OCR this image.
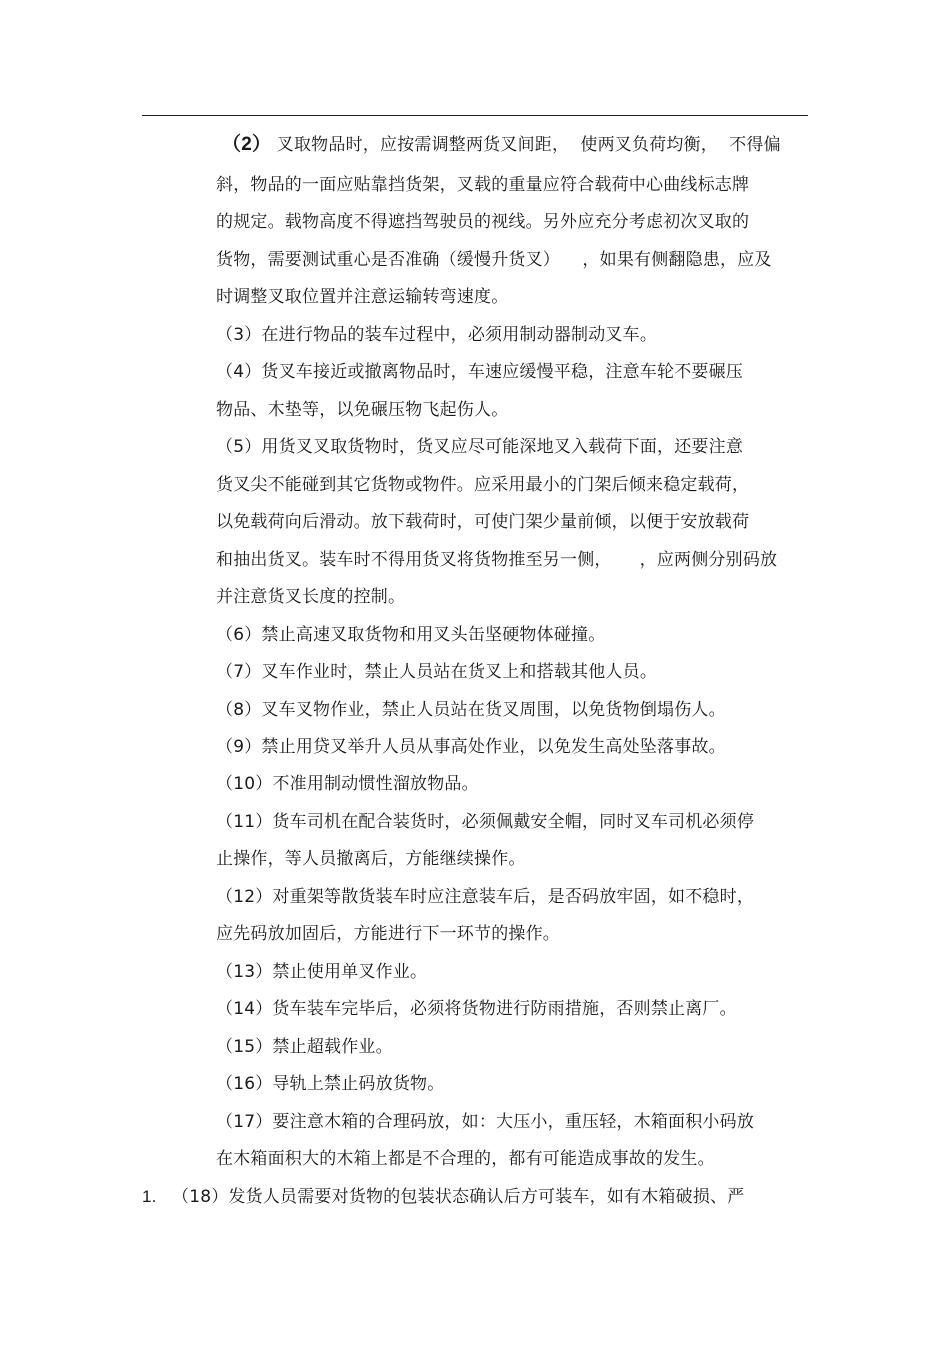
（2） 叉取物品时，应按需调整两货叉间距，  使两叉负荷均衡，  不得偏
斜，物品的一面应贴靠挡货架，叉载的重量应符合载荷中心曲线标志牌
的规定。载物高度不得遮挡驾驶员的视线。另外应充分考虑初次叉取的
货物，需要测试重心是否准确（缓慢升货叉）    ，如果有侧翻隐患，应及
时调整叉取位置并注意运输转弯速度。
（3）在进行物品的装车过程中，必须用制动器制动叉车。
（4）货叉车接近或撤离物品时，车速应缓慢平稳，注意车轮不要碾压
物品、木垫等，以免碾压物飞起伤人。
（5）用货叉叉取货物时，货叉应尽可能深地叉入载荷下面，还要注意
货叉尖不能碰到其它货物或物件。应采用最小的门架后倾来稳定载荷，
以免载荷向后滑动。放下载荷时，可使门架少量前倾，以便于安放载荷
和抽出货叉。装车时不得用货叉将货物推至另一侧，     ，应两侧分别码放
并注意货叉长度的控制。
（6）禁止高速叉取货物和用叉头缶坚硬物体碰撞。
（7）叉车作业时，禁止人员站在货叉上和搭载其他人员。
（8）叉车叉物作业，禁止人员站在货叉周围，以免货物倒塌伤人。
（9）禁止用贷叉举升人员从事高处作业，以免发生高处坠落事故。
（10）不准用制动惯性溜放物品。
（11）货车司机在配合装货时，必须佩戴安全帽，同时叉车司机必须停
止操作，等人员撤离后，方能继续操作。
（12）对重架等散货装车时应注意装车后，是否码放牢固，如不稳时，
应先码放加固后，方能进行下一环节的操作。
（13）禁止使用单叉作业。
（14）货车装车完毕后，必须将货物进行防雨措施，否则禁止离厂。
（15）禁止超载作业。
（16）导轨上禁止码放货物。
（17）要注意木箱的合理码放，如：大压小，重压轻，木箱面积小码放
在木箱面积大的木箱上都是不合理的，都有可能造成事故的发生。
1. （18）发货人员需要对货物的包装状态确认后方可装车，如有木箱破损、严
